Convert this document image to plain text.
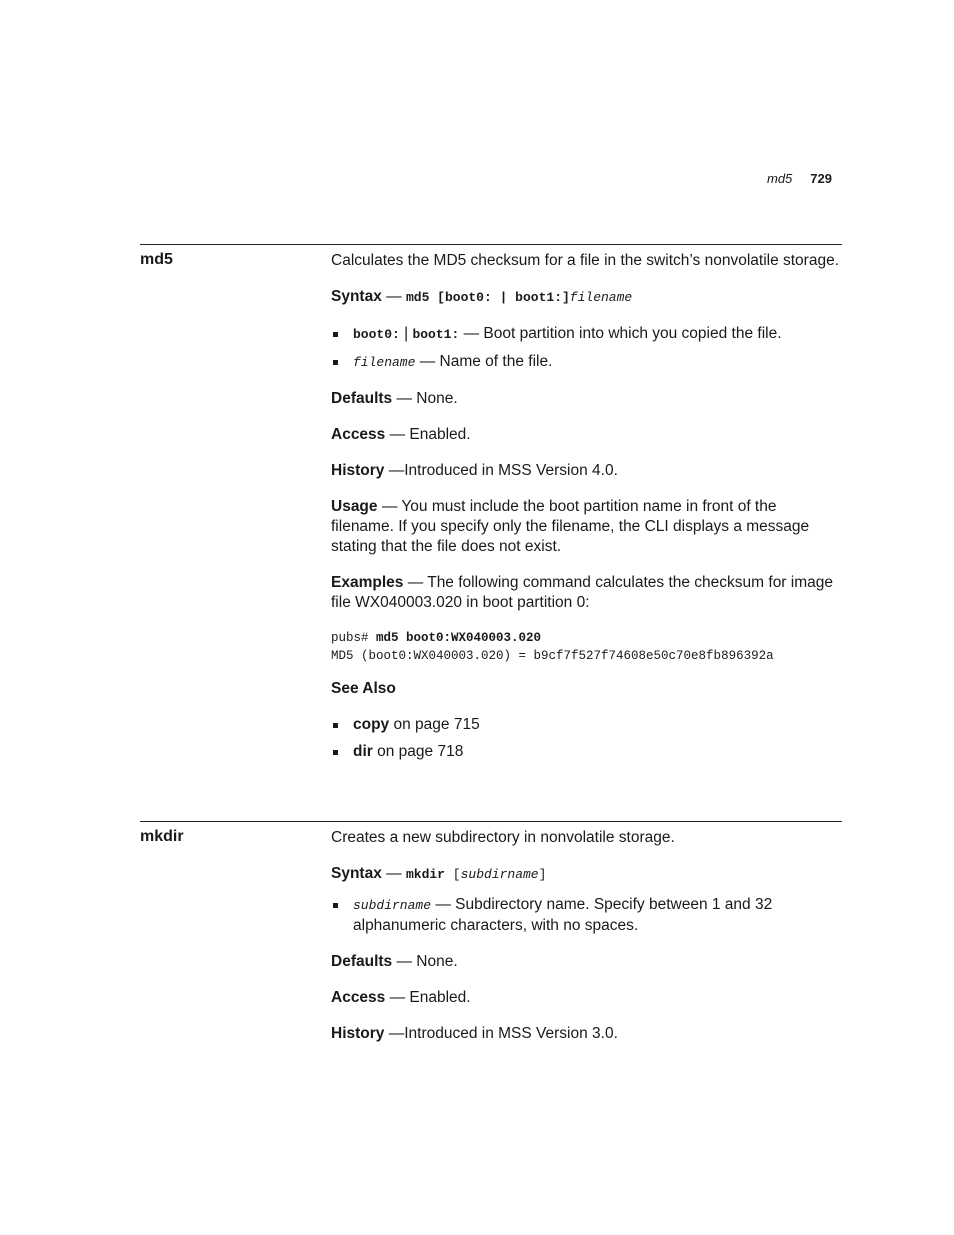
md5 729
md5	Calculates the MD5 checksum for a file in the switch’s nonvolatile storage.

Syntax — md5 [boot0: | boot1:]filename

boot0: | boot1: — Boot partition into which you copied the file.
filename — Name of the file.

Defaults — None.

Access — Enabled.

History —Introduced in MSS Version 4.0.

Usage — You must include the boot partition name in front of the filename. If you specify only the filename, the CLI displays a message stating that the file does not exist.

Examples — The following command calculates the checksum for image file WX040003.020 in boot partition 0:

pubs# md5 boot0:WX040003.020
MD5 (boot0:WX040003.020) = b9cf7f527f74608e50c70e8fb896392a

See Also

copy on page 715
dir on page 718
mkdir	Creates a new subdirectory in nonvolatile storage.

Syntax — mkdir [subdirname]

subdirname — Subdirectory name. Specify between 1 and 32 alphanumeric characters, with no spaces.

Defaults — None.

Access — Enabled.

History —Introduced in MSS Version 3.0.
